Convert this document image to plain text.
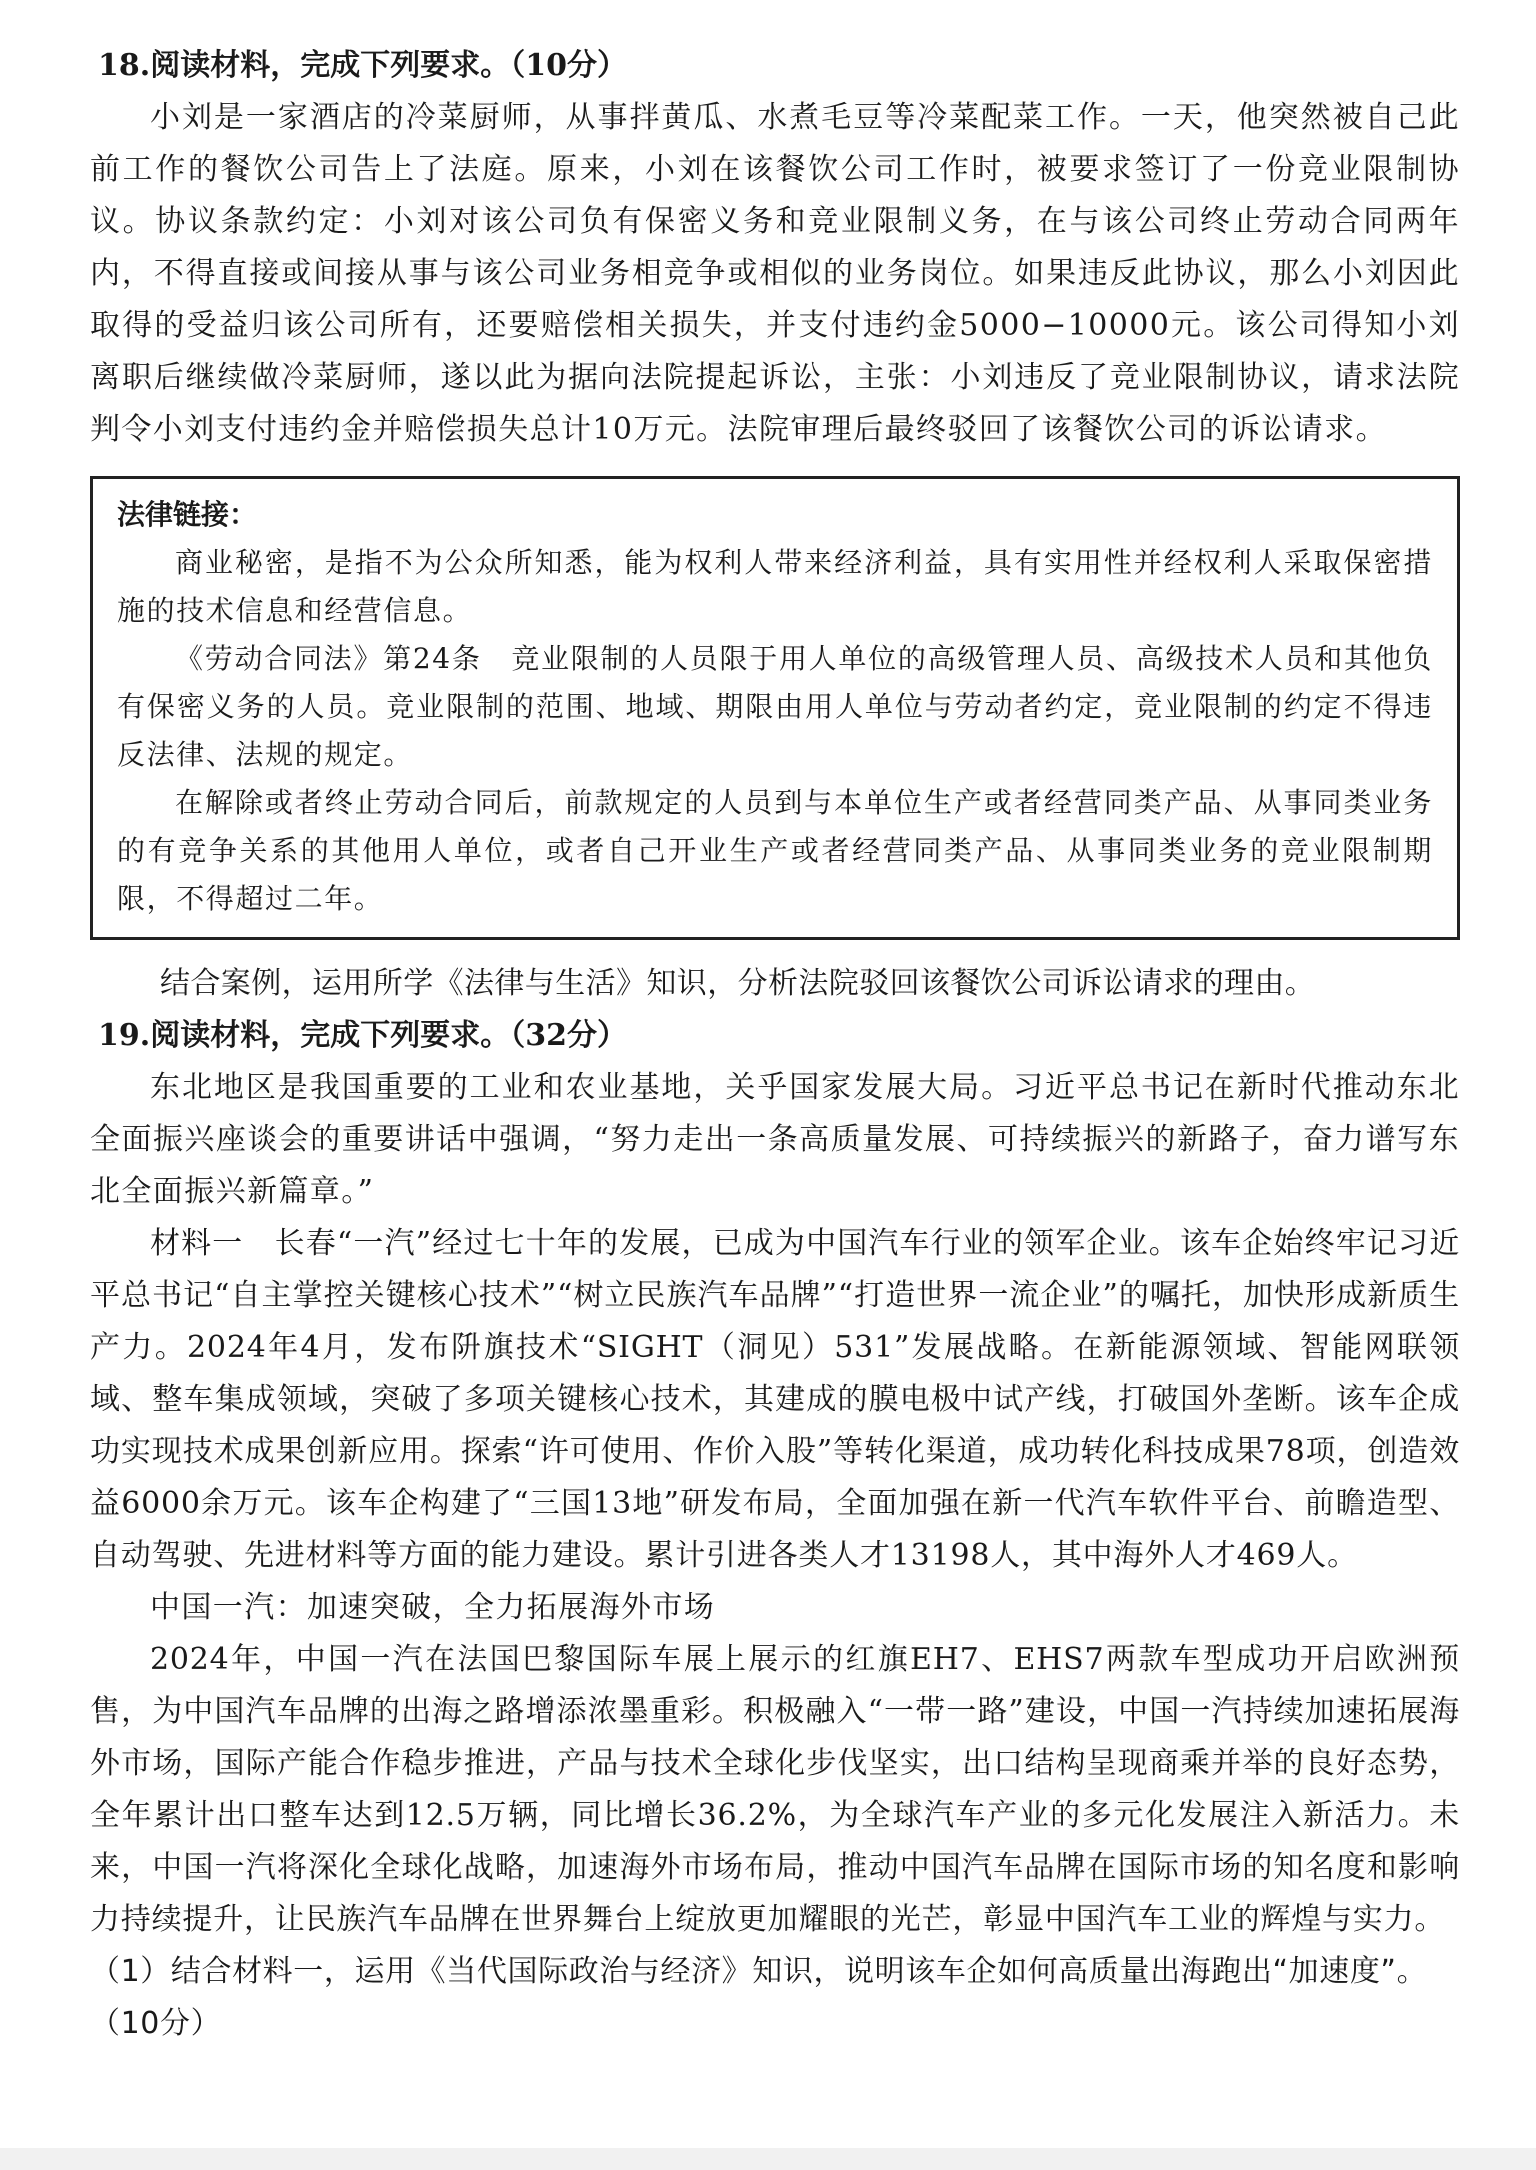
18.阅读材料，完成下列要求。（10分）

小刘是一家酒店的冷菜厨师，从事拌黄瓜、水煮毛豆等冷菜配菜工作。一天，他突然被自己此前工作的餐饮公司告上了法庭。原来，小刘在该餐饮公司工作时，被要求签订了一份竞业限制协议。协议条款约定：小刘对该公司负有保密义务和竞业限制义务，在与该公司终止劳动合同两年内，不得直接或间接从事与该公司业务相竞争或相似的业务岗位。如果违反此协议，那么小刘因此取得的受益归该公司所有，还要赔偿相关损失，并支付违约金5000−10000元。该公司得知小刘离职后继续做冷菜厨师，遂以此为据向法院提起诉讼，主张：小刘违反了竞业限制协议，请求法院判令小刘支付违约金并赔偿损失总计10万元。法院审理后最终驳回了该餐饮公司的诉讼请求。

法律链接：

商业秘密，是指不为公众所知悉，能为权利人带来经济利益，具有实用性并经权利人采取保密措施的技术信息和经营信息。

《劳动合同法》第24条　竞业限制的人员限于用人单位的高级管理人员、高级技术人员和其他负有保密义务的人员。竞业限制的范围、地域、期限由用人单位与劳动者约定，竞业限制的约定不得违反法律、法规的规定。

在解除或者终止劳动合同后，前款规定的人员到与本单位生产或者经营同类产品、从事同类业务的有竞争关系的其他用人单位，或者自己开业生产或者经营同类产品、从事同类业务的竞业限制期限，不得超过二年。

结合案例，运用所学《法律与生活》知识，分析法院驳回该餐饮公司诉讼请求的理由。

19.阅读材料，完成下列要求。（32分）

东北地区是我国重要的工业和农业基地，关乎国家发展大局。习近平总书记在新时代推动东北全面振兴座谈会的重要讲话中强调，“努力走出一条高质量发展、可持续振兴的新路子，奋力谱写东北全面振兴新篇章。”

材料一　长春“一汽”经过七十年的发展，已成为中国汽车行业的领军企业。该车企始终牢记习近平总书记“自主掌控关键核心技术”“树立民族汽车品牌”“打造世界一流企业”的嘱托，加快形成新质生产力。2024年4月，发布阩旗技术“SIGHT（洞见）531”发展战略。在新能源领域、智能网联领域、整车集成领域，突破了多项关键核心技术，其建成的膜电极中试产线，打破国外垄断。该车企成功实现技术成果创新应用。探索“许可使用、作价入股”等转化渠道，成功转化科技成果78项，创造效益6000余万元。该车企构建了“三国13地”研发布局，全面加强在新一代汽车软件平台、前瞻造型、自动驾驶、先进材料等方面的能力建设。累计引进各类人才13198人，其中海外人才469人。

中国一汽：加速突破，全力拓展海外市场

2024年，中国一汽在法国巴黎国际车展上展示的红旗EH7、EHS7两款车型成功开启欧洲预售，为中国汽车品牌的出海之路增添浓墨重彩。积极融入“一带一路”建设，中国一汽持续加速拓展海外市场，国际产能合作稳步推进，产品与技术全球化步伐坚实，出口结构呈现商乘并举的良好态势，全年累计出口整车达到12.5万辆，同比增长36.2%，为全球汽车产业的多元化发展注入新活力。未来，中国一汽将深化全球化战略，加速海外市场布局，推动中国汽车品牌在国际市场的知名度和影响力持续提升，让民族汽车品牌在世界舞台上绽放更加耀眼的光芒，彰显中国汽车工业的辉煌与实力。

（1）结合材料一，运用《当代国际政治与经济》知识，说明该车企如何高质量出海跑出“加速度”。（10分）
